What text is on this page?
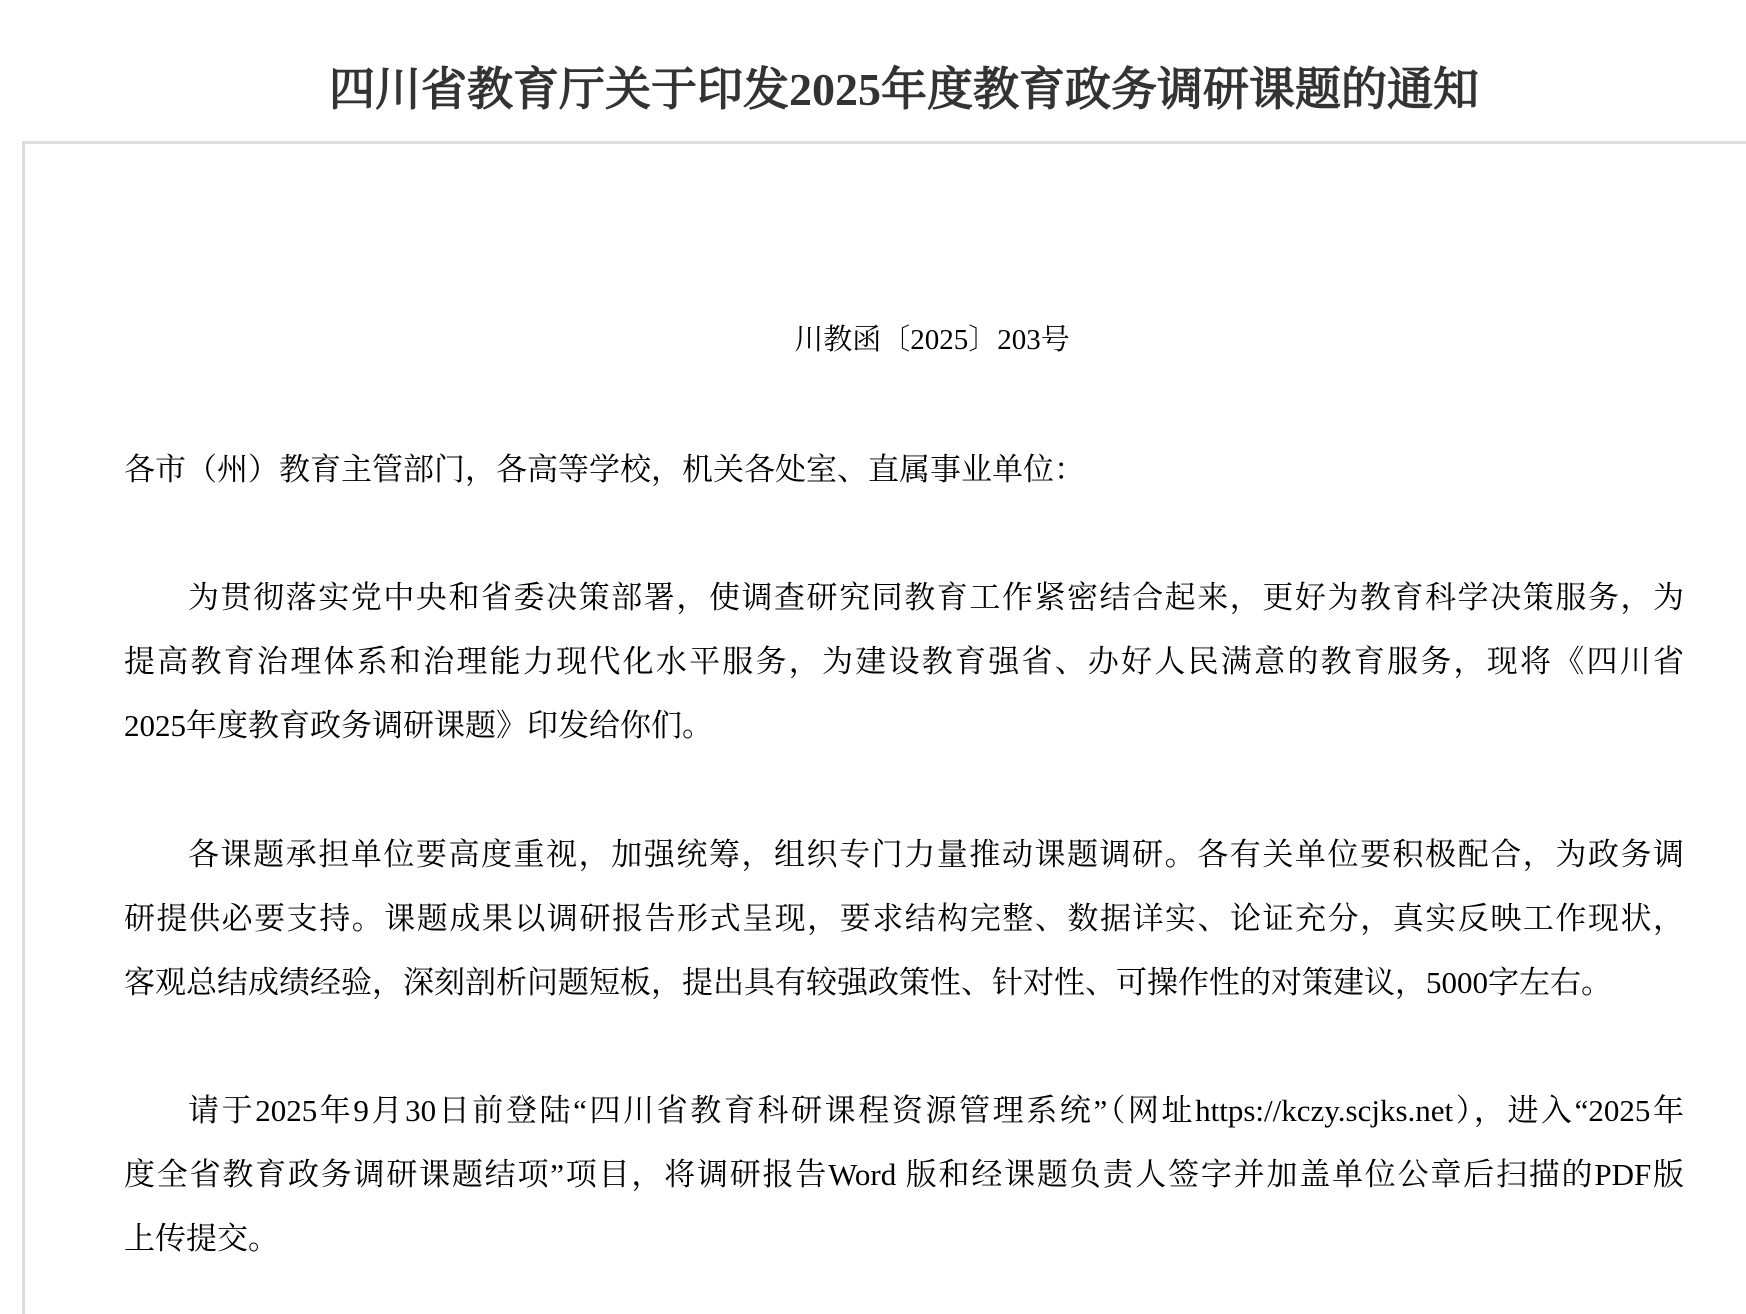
四川省教育厅关于印发2025年度教育政务调研课题的通知
川教函〔2025〕203号
各市（州）教育主管部门，各高等学校，机关各处室、直属事业单位：
为贯彻落实党中央和省委决策部署，使调查研究同教育工作紧密结合起来，更好为教育科学决策服务，为
提高教育治理体系和治理能力现代化水平服务，为建设教育强省、办好人民满意的教育服务，现将《四川省
2025年度教育政务调研课题》印发给你们。
各课题承担单位要高度重视，加强统筹，组织专门力量推动课题调研。各有关单位要积极配合，为政务调
研提供必要支持。课题成果以调研报告形式呈现，要求结构完整、数据详实、论证充分，真实反映工作现状，
客观总结成绩经验，深刻剖析问题短板，提出具有较强政策性、针对性、可操作性的对策建议，5000字左右。
请于2025年9月30日前登陆“四川省教育科研课程资源管理系统”（网址https://kczy.scjks.net），进入“2025年
度全省教育政务调研课题结项”项目，将调研报告Word 版和经课题负责人签字并加盖单位公章后扫描的PDF版
上传提交。
